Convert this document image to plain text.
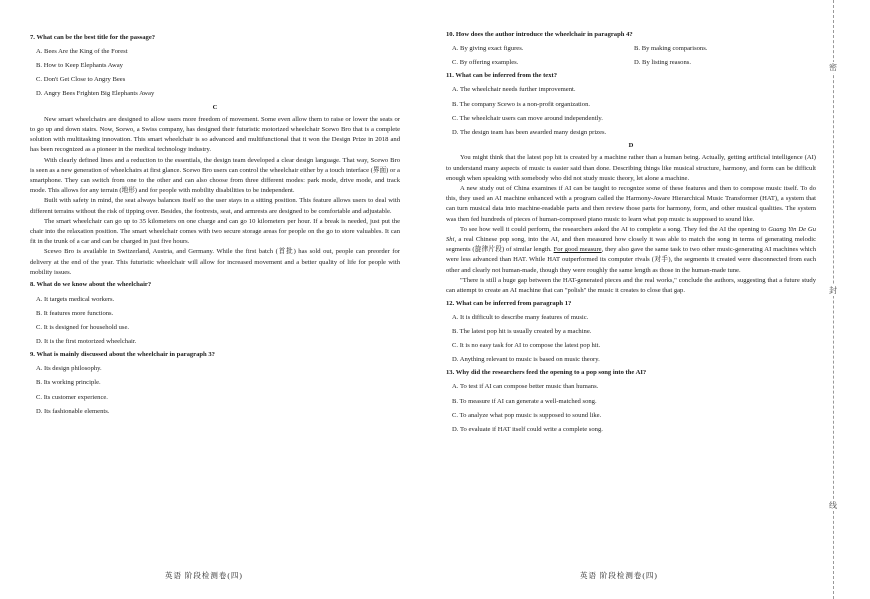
7. What can be the best title for the passage?
A. Bees Are the King of the Forest
B. How to Keep Elephants Away
C. Don't Get Close to Angry Bees
D. Angry Bees Frighten Big Elephants Away
C

New smart wheelchairs are designed to allow users more freedom of movement. Some even allow them to raise or lower the seats or to go up and down stairs. Now, Scewo, a Swiss company, has designed their futuristic motorized wheelchair Scewo Bro that is a complete solution with multitasking innovation. This smart wheelchair is so advanced and multifunctional that it won the Design Prize in 2018 and has been recognized as a pioneer in the medical technology industry.

With clearly defined lines and a reduction to the essentials, the design team developed a clear design language. That way, Scewo Bro is seen as a new generation of wheelchairs at first glance. Scewo Bro users can control the wheelchair either by a touch interface (界面) or a smartphone. They can switch from one to the other and can also choose from three different modes: park mode, drive mode, and track mode. This allows for any terrain (地形) and for people with mobility disabilities to be independent.

Built with safety in mind, the seat always balances itself so the user stays in a sitting position. This feature allows users to deal with different terrains without the risk of tipping over. Besides, the footrests, seat, and armrests are designed to be comfortable and adjustable.

The smart wheelchair can go up to 35 kilometers on one charge and can go 10 kilometers per hour. If a break is needed, just put the chair into the relaxation position. The smart wheelchair comes with two secure storage areas for people on the go to store valuables. It can fit in the trunk of a car and can be charged in just five hours.

Scewo Bro is available in Switzerland, Austria, and Germany. While the first batch (首批) has sold out, people can preorder for delivery at the end of the year. This futuristic wheelchair will allow for increased movement and a better quality of life for people with mobility issues.

8. What do we know about the wheelchair?
A. It targets medical workers.
B. It features more functions.
C. It is designed for household use.
D. It is the first motorized wheelchair.
9. What is mainly discussed about the wheelchair in paragraph 3?
A. Its design philosophy.
B. Its working principle.
C. Its customer experience.
D. Its fashionable elements.
10. How does the author introduce the wheelchair in paragraph 4?
A. By giving exact figures.	B. By making comparisons.
C. By offering examples.	D. By listing reasons.
11. What can be inferred from the text?
A. The wheelchair needs further improvement.
B. The company Scewo is a non-profit organization.
C. The wheelchair users can move around independently.
D. The design team has been awarded many design prizes.
D

You might think that the latest pop hit is created by a machine rather than a human being. Actually, getting artificial intelligence (AI) to understand many aspects of music is easier said than done. Describing things like musical structure, harmony, and form can be difficult enough when speaking with somebody who did not study music theory, let alone a machine.

A new study out of China examines if AI can be taught to recognize some of these features and then to compose music itself. To do this, they used an AI machine enhanced with a program called the Harmony-Aware Hierarchical Music Transformer (HAT), a system that can turn musical data into machine-readable parts and then review those parts for harmony, form, and other musical qualities. The system was then fed hundreds of pieces of human-composed piano music to learn what pop music is supposed to sound like.

To see how well it could perform, the researchers asked the AI to complete a song. They fed the AI the opening to Guang Yin De Gu Shi, a real Chinese pop song, into the AI, and then measured how closely it was able to match the song in terms of generating melodic segments (旋律片段) of similar length. For good measure, they also gave the same task to two other music-generating AI machines which were less advanced than HAT. While HAT outperformed its computer rivals (对手), the segments it created were disconnected from each other and clearly not human-made, though they were roughly the same length as those in the human-made tune.

"There is still a huge gap between the HAT-generated pieces and the real works," conclude the authors, suggesting that a future study can attempt to create an AI machine that can "polish" the music it creates to close that gap.

12. What can be inferred from paragraph 1?
A. It is difficult to describe many features of music.
B. The latest pop hit is usually created by a machine.
C. It is no easy task for AI to compose the latest pop hit.
D. Anything relevant to music is based on music theory.
13. Why did the researchers feed the opening to a pop song into the AI?
A. To test if AI can compose better music than humans.
B. To measure if AI can generate a well-matched song.
C. To analyze what pop music is supposed to sound like.
D. To evaluate if HAT itself could write a complete song.
英语 阶段检测卷(四)	英语 阶段检测卷(四)
密
封
线
